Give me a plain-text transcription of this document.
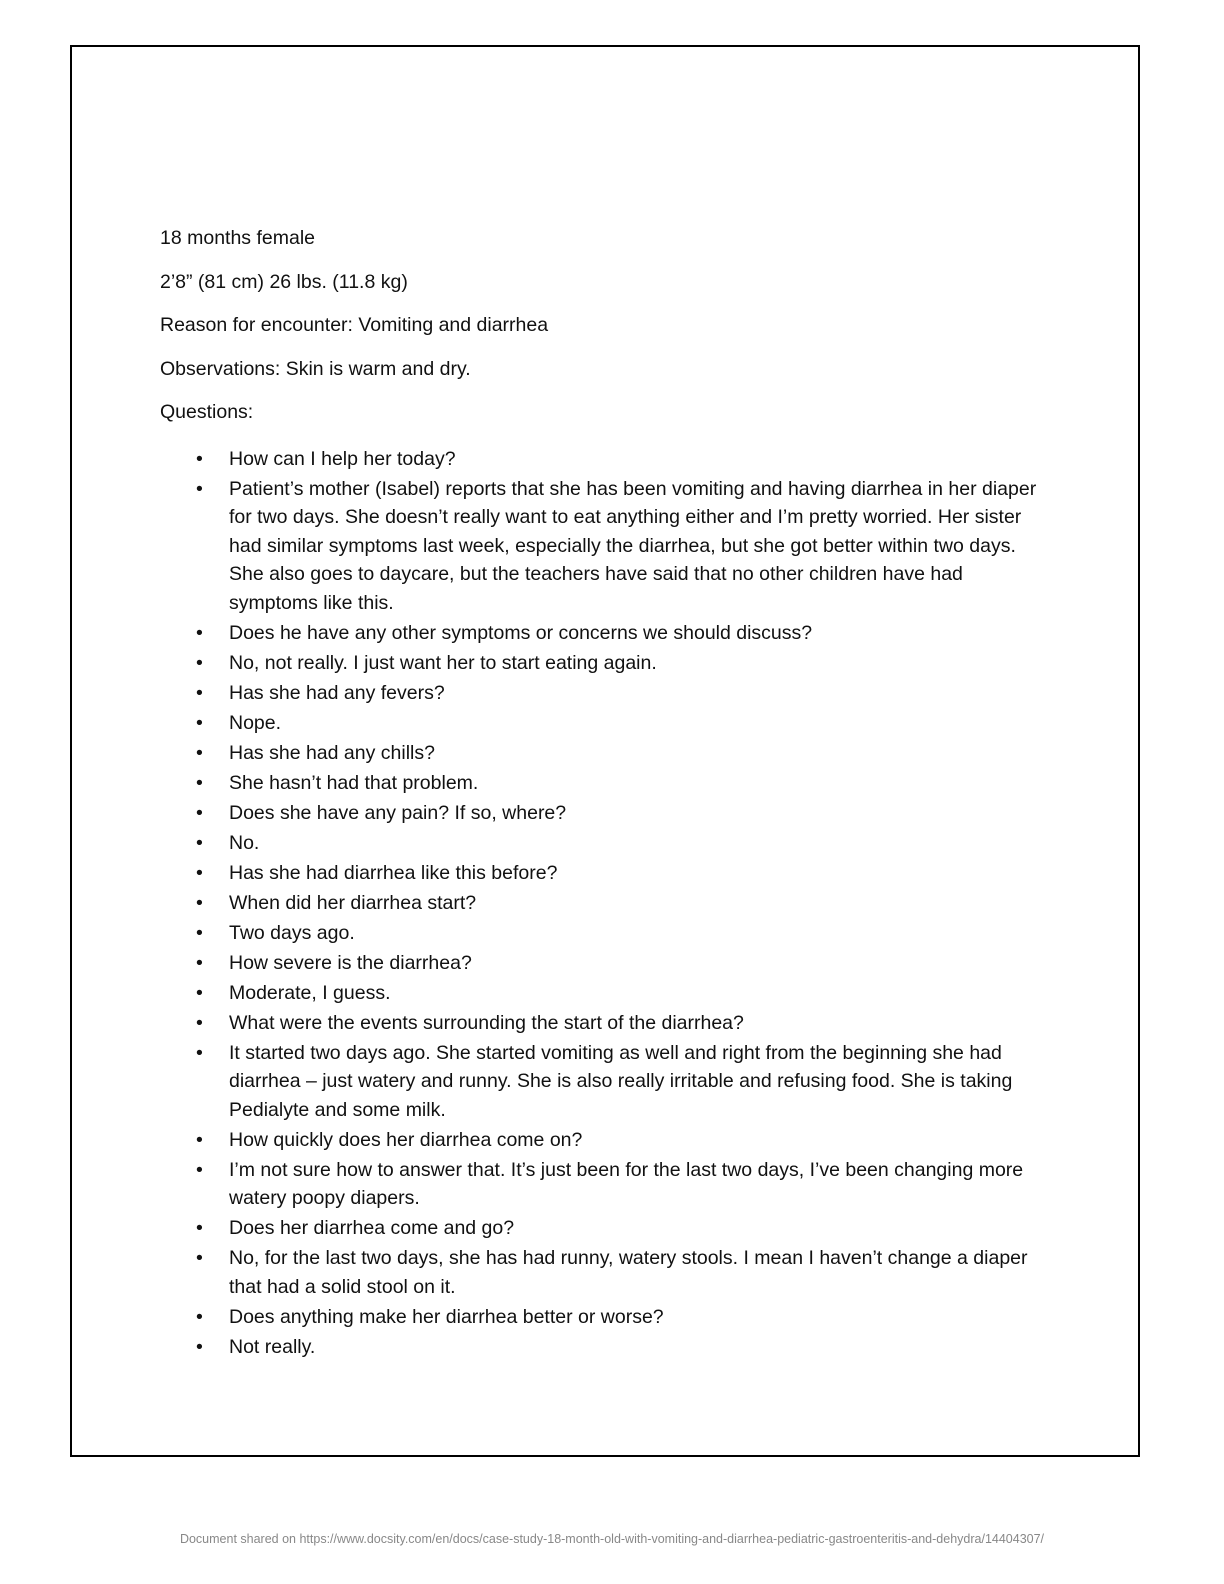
18 months female

2’8” (81 cm) 26 lbs. (11.8 kg)

Reason for encounter: Vomiting and diarrhea

Observations: Skin is warm and dry.

Questions:

• How can I help her today?
• Patient’s mother (Isabel) reports that she has been vomiting and having diarrhea in her diaper for two days. She doesn’t really want to eat anything either and I’m pretty worried. Her sister had similar symptoms last week, especially the diarrhea, but she got better within two days. She also goes to daycare, but the teachers have said that no other children have had symptoms like this.
• Does he have any other symptoms or concerns we should discuss?
• No, not really. I just want her to start eating again.
• Has she had any fevers?
• Nope.
• Has she had any chills?
• She hasn’t had that problem.
• Does she have any pain? If so, where?
• No.
• Has she had diarrhea like this before?
• When did her diarrhea start?
• Two days ago.
• How severe is the diarrhea?
• Moderate, I guess.
• What were the events surrounding the start of the diarrhea?
• It started two days ago. She started vomiting as well and right from the beginning she had diarrhea – just watery and runny. She is also really irritable and refusing food. She is taking Pedialyte and some milk.
• How quickly does her diarrhea come on?
• I’m not sure how to answer that. It’s just been for the last two days, I’ve been changing more watery poopy diapers.
• Does her diarrhea come and go?
• No, for the last two days, she has had runny, watery stools. I mean I haven’t change a diaper that had a solid stool on it.
• Does anything make her diarrhea better or worse?
• Not really.
Document shared on https://www.docsity.com/en/docs/case-study-18-month-old-with-vomiting-and-diarrhea-pediatric-gastroenteritis-and-dehydra/14404307/
